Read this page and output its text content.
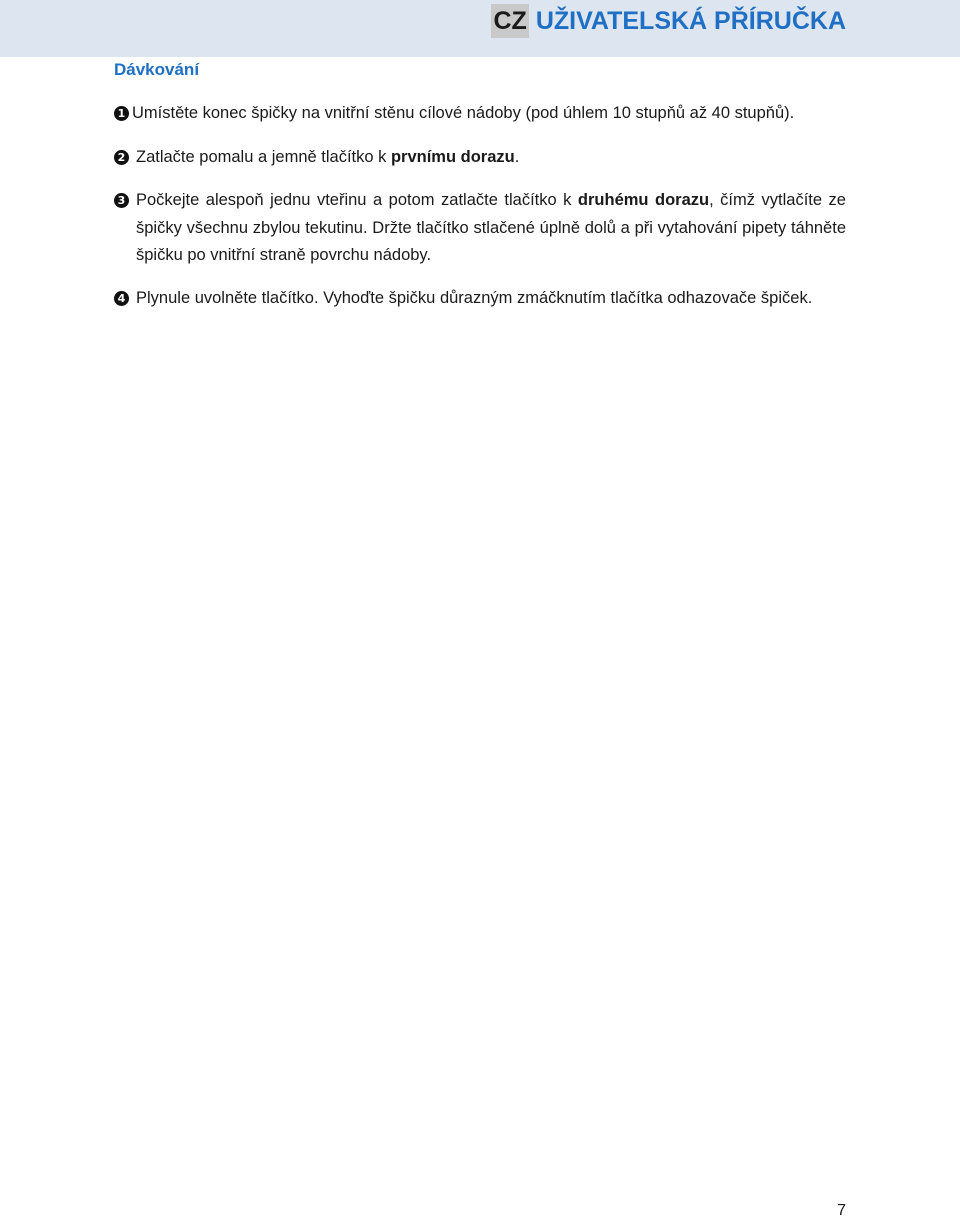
CZ UŽIVATELSKÁ PŘÍRUČKA
Dávkování
1 Umístěte konec špičky na vnitřní stěnu cílové nádoby (pod úhlem 10 stupňů až 40 stupňů).
2 Zatlačte pomalu a jemně tlačítko k prvnímu dorazu.
3 Počkejte alespoň jednu vteřinu a potom zatlačte tlačítko k druhému dorazu, čímž vytlačíte ze špičky všechnu zbylou tekutinu. Držte tlačítko stlačené úplně dolů a při vytahování pipety táhněte špičku po vnitřní straně povrchu nádoby.
4 Plynule uvolněte tlačítko. Vyhoďte špičku důrazným zmáčknutím tlačítka odhazovače špiček.
7
